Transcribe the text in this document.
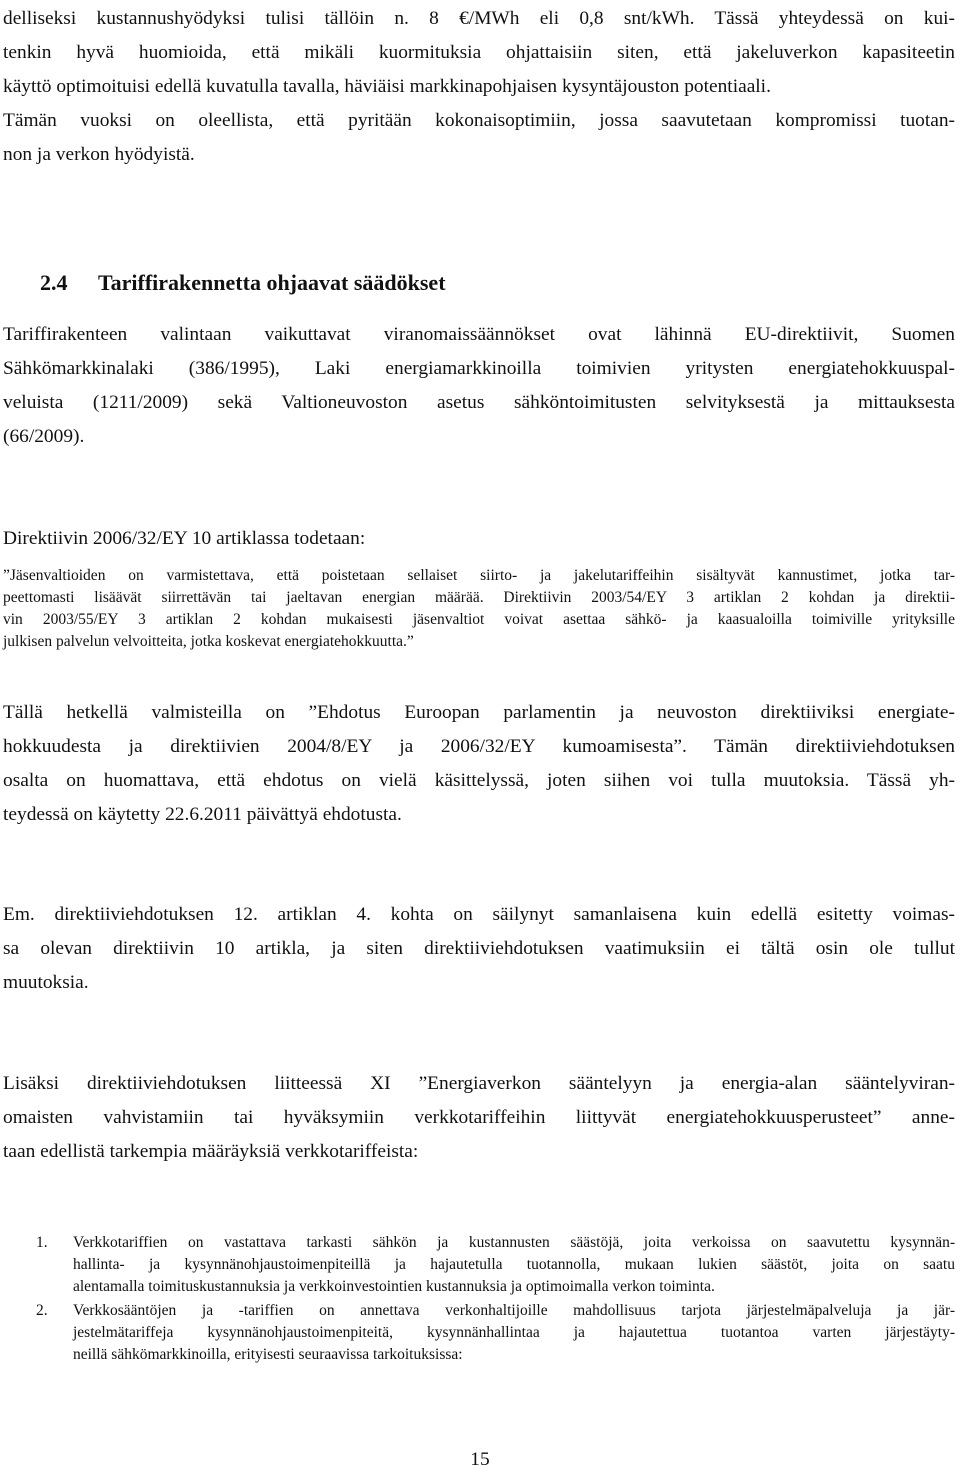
delliseksi kustannushyödyksi tulisi tällöin n. 8 €/MWh eli 0,8 snt/kWh. Tässä yhteydessä on kui-
tenkin hyvä huomioida, että mikäli kuormituksia ohjattaisiin siten, että jakeluverkon kapasiteetin
käyttö optimoituisi edellä kuvatulla tavalla, häviäisi markkinapohjaisen kysyntäjouston potentiaali.
Tämän vuoksi on oleellista, että pyritään kokonaisoptimiin, jossa saavutetaan kompromissi tuotan-
non ja verkon hyödyistä.

2.4 Tariffirakennetta ohjaavat säädökset

Tariffirakenteen valintaan vaikuttavat viranomaissäännökset ovat lähinnä EU-direktiivit, Suomen
Sähkömarkkinalaki (386/1995), Laki energiamarkkinoilla toimivien yritysten energiatehokkuuspal-
veluista (1211/2009) sekä Valtioneuvoston asetus sähköntoimitusten selvityksestä ja mittauksesta
(66/2009).

Direktiivin 2006/32/EY 10 artiklassa todetaan:

”Jäsenvaltioiden on varmistettava, että poistetaan sellaiset siirto- ja jakelutariffeihin sisältyvät kannustimet, jotka tar-
peettomasti lisäävät siirrettävän tai jaeltavan energian määrää. Direktiivin 2003/54/EY 3 artiklan 2 kohdan ja direktii-
vin 2003/55/EY 3 artiklan 2 kohdan mukaisesti jäsenvaltiot voivat asettaa sähkö- ja kaasualoilla toimiville yrityksille
julkisen palvelun velvoitteita, jotka koskevat energiatehokkuutta.”

Tällä hetkellä valmisteilla on ”Ehdotus Euroopan parlamentin ja neuvoston direktiiviksi energiate-
hokkuudesta ja direktiivien 2004/8/EY ja 2006/32/EY kumoamisesta”. Tämän direktiiviehdotuksen
osalta on huomattava, että ehdotus on vielä käsittelyssä, joten siihen voi tulla muutoksia. Tässä yh-
teydessä on käytetty 22.6.2011 päivättyä ehdotusta.

Em. direktiiviehdotuksen 12. artiklan 4. kohta on säilynyt samanlaisena kuin edellä esitetty voimas-
sa olevan direktiivin 10 artikla, ja siten direktiiviehdotuksen vaatimuksiin ei tältä osin ole tullut
muutoksia.

Lisäksi direktiiviehdotuksen liitteessä XI ”Energiaverkon sääntelyyn ja energia-alan sääntelyviran-
omaisten vahvistamiin tai hyväksymiin verkkotariffeihin liittyvät energiatehokkuusperusteet” anne-
taan edellistä tarkempia määräyksiä verkkotariffeista:

1. Verkkotariffien on vastattava tarkasti sähkön ja kustannusten säästöjä, joita verkoissa on saavutettu kysynnän-
hallinta- ja kysynnänohjaustoimenpiteillä ja hajautetulla tuotannolla, mukaan lukien säästöt, joita on saatu
alentamalla toimituskustannuksia ja verkkoinvestointien kustannuksia ja optimoimalla verkon toiminta.
2. Verkkosääntöjen ja -tariffien on annettava verkonhaltijoille mahdollisuus tarjota järjestelmäpalveluja ja jär-
jestelmätariffeja kysynnänohjaustoimenpiteitä, kysynnänhallintaa ja hajautettua tuotantoa varten järjestäyty-
neillä sähkömarkkinoilla, erityisesti seuraavissa tarkoituksissa:
15
